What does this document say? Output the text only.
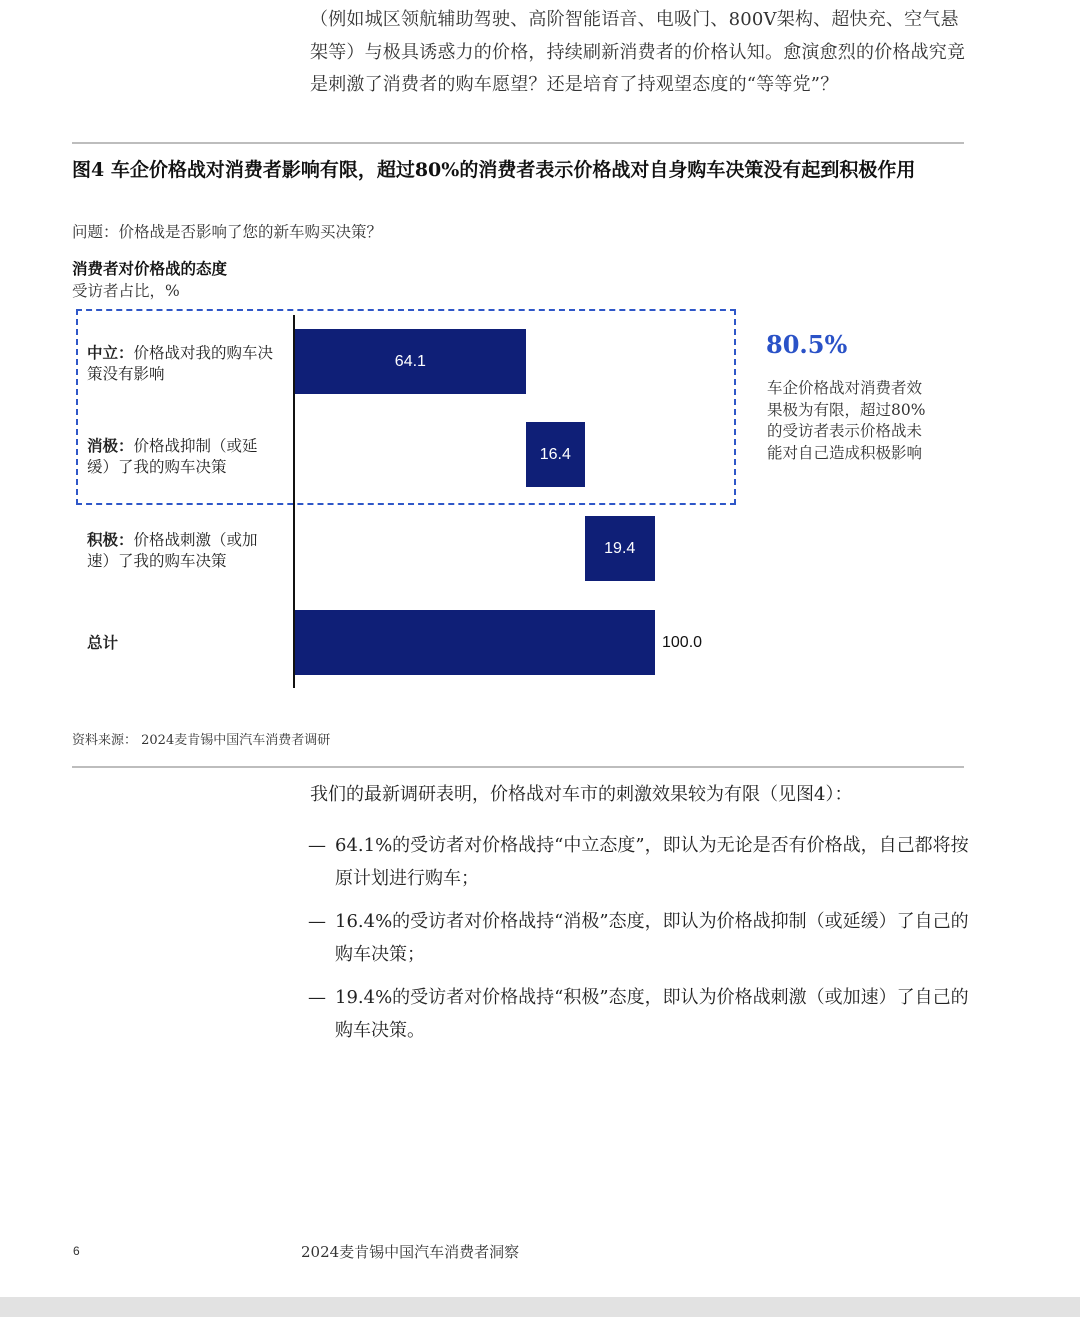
（例如城区领航辅助驾驶、高阶智能语音、电吸门、800V架构、超快充、空气悬架等）与极具诱惑力的价格，持续刷新消费者的价格认知。愈演愈烈的价格战究竟是刺激了消费者的购车愿望？还是培育了持观望态度的“等等党”？
图4 车企价格战对消费者影响有限，超过80%的消费者表示价格战对自身购车决策没有起到积极作用
问题：价格战是否影响了您的新车购买决策？
消费者对价格战的态度
受访者占比，%
中立：价格战对我的购车决策没有影响
消极：价格战抑制（或延缓）了我的购车决策
积极：价格战刺激（或加速）了我的购车决策
总计
64.1
16.4
19.4
100.0
80.5%
车企价格战对消费者效果极为有限，超过80%的受访者表示价格战未能对自己造成积极影响
资料来源： 2024麦肯锡中国汽车消费者调研
我们的最新调研表明，价格战对车市的刺激效果较为有限（见图4）：
— 64.1%的受访者对价格战持“中立态度”，即认为无论是否有价格战，自己都将按原计划进行购车；
— 16.4%的受访者对价格战持“消极”态度，即认为价格战抑制（或延缓）了自己的购车决策；
— 19.4%的受访者对价格战持“积极”态度，即认为价格战刺激（或加速）了自己的购车决策。
6	2024麦肯锡中国汽车消费者洞察
